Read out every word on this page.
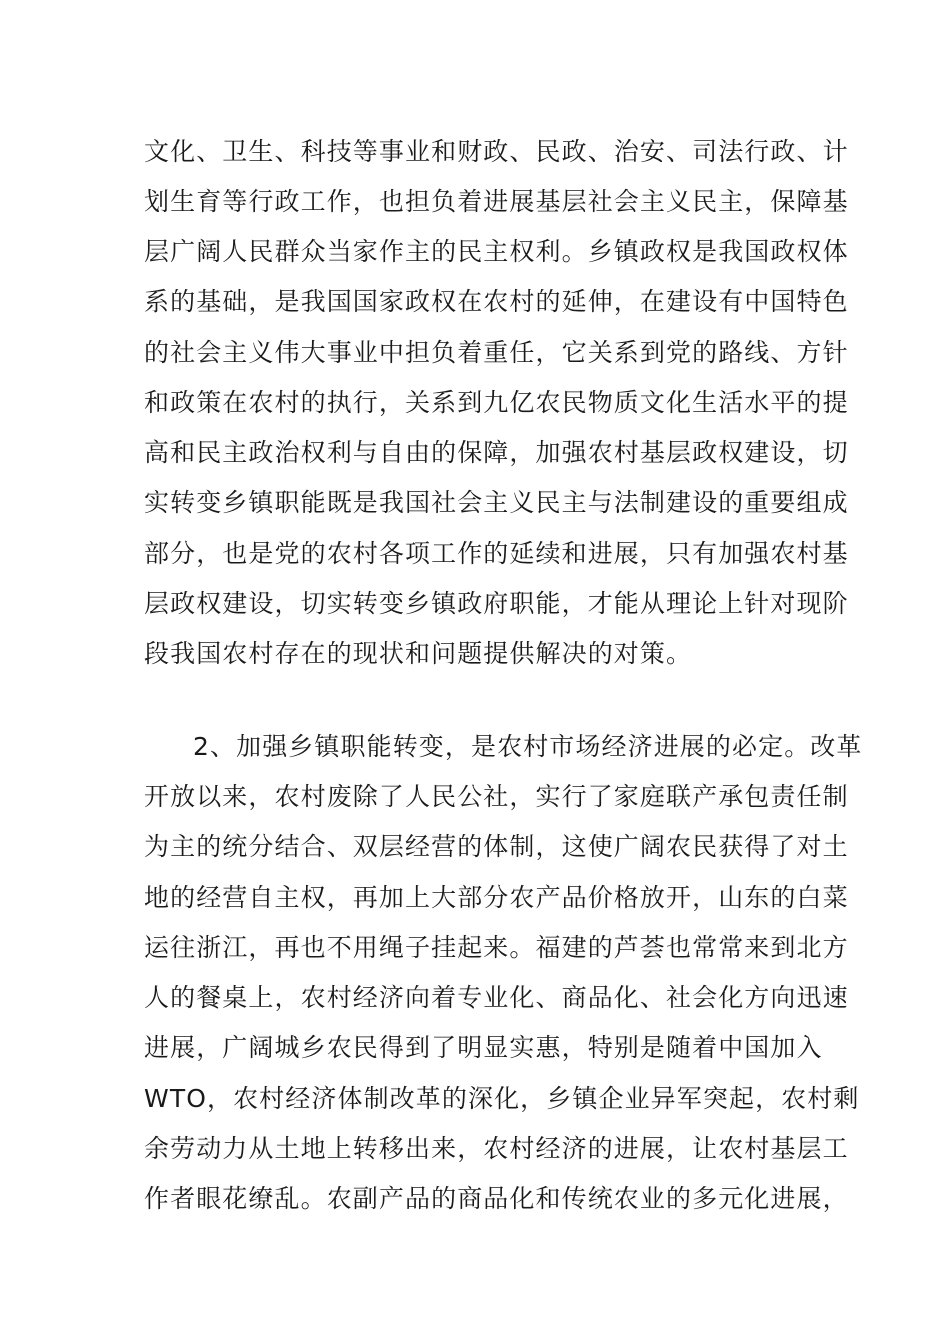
文化、卫生、科技等事业和财政、民政、治安、司法行政、计
划生育等行政工作，也担负着进展基层社会主义民主，保障基
层广阔人民群众当家作主的民主权利。乡镇政权是我国政权体
系的基础，是我国国家政权在农村的延伸，在建设有中国特色
的社会主义伟大事业中担负着重任，它关系到党的路线、方针
和政策在农村的执行，关系到九亿农民物质文化生活水平的提
高和民主政治权利与自由的保障，加强农村基层政权建设，切
实转变乡镇职能既是我国社会主义民主与法制建设的重要组成
部分，也是党的农村各项工作的延续和进展，只有加强农村基
层政权建设，切实转变乡镇政府职能，才能从理论上针对现阶
段我国农村存在的现状和问题提供解决的对策。
2、加强乡镇职能转变，是农村市场经济进展的必定。改革
开放以来，农村废除了人民公社，实行了家庭联产承包责任制
为主的统分结合、双层经营的体制，这使广阔农民获得了对土
地的经营自主权，再加上大部分农产品价格放开，山东的白菜
运往浙江，再也不用绳子挂起来。福建的芦荟也常常来到北方
人的餐桌上，农村经济向着专业化、商品化、社会化方向迅速
进展，广阔城乡农民得到了明显实惠，特别是随着中国加入
WTO，农村经济体制改革的深化，乡镇企业异军突起，农村剩
余劳动力从土地上转移出来，农村经济的进展，让农村基层工
作者眼花缭乱。农副产品的商品化和传统农业的多元化进展，
